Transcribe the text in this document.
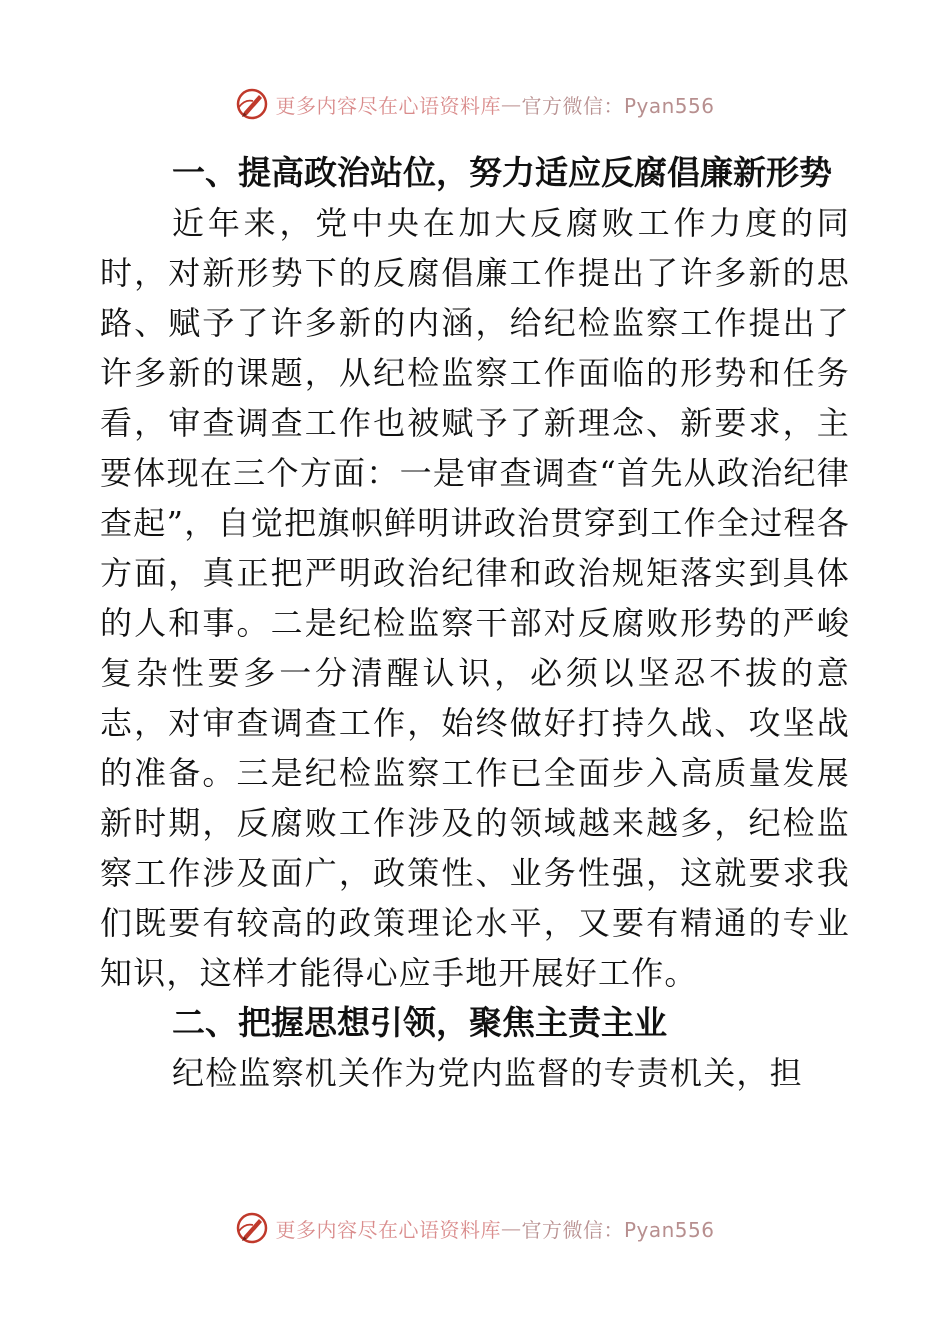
更多内容尽在心语资料库 — 官方微信：Pyan556

一、提高政治站位，努力适应反腐倡廉新形势

近年来，党中央在加大反腐败工作力度的同时，对新形势下的反腐倡廉工作提出了许多新的思路、赋予了许多新的内涵，给纪检监察工作提出了许多新的课题，从纪检监察工作面临的形势和任务看，审查调查工作也被赋予了新理念、新要求，主要体现在三个方面：一是审查调查“首先从政治纪律查起”，自觉把旗帜鲜明讲政治贯穿到工作全过程各方面，真正把严明政治纪律和政治规矩落实到具体的人和事。二是纪检监察干部对反腐败形势的严峻复杂性要多一分清醒认识，必须以坚忍不拔的意志，对审查调查工作，始终做好打持久战、攻坚战的准备。三是纪检监察工作已全面步入高质量发展新时期，反腐败工作涉及的领域越来越多，纪检监察工作涉及面广，政策性、业务性强，这就要求我们既要有较高的政策理论水平，又要有精通的专业知识，这样才能得心应手地开展好工作。

二、把握思想引领，聚焦主责主业

纪检监察机关作为党内监督的专责机关，担

更多内容尽在心语资料库 — 官方微信：Pyan556
